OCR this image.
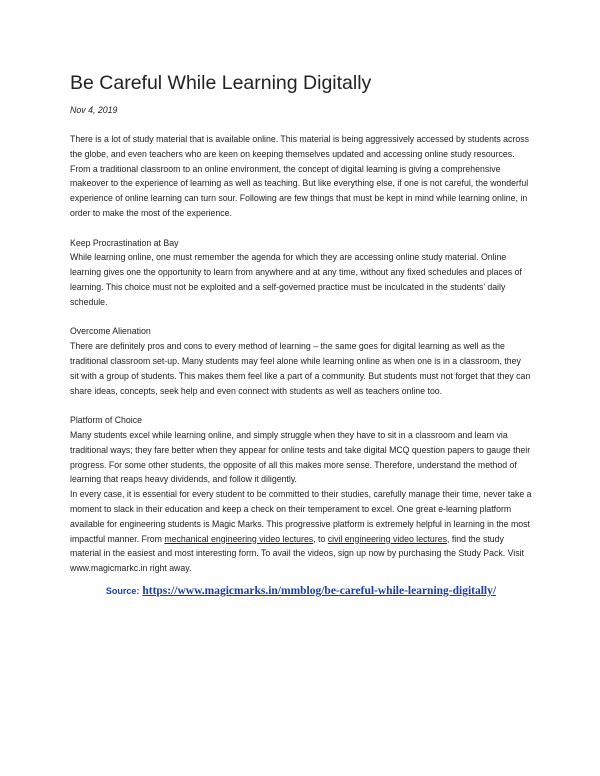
Be Careful While Learning Digitally
Nov 4, 2019

There is a lot of study material that is available online. This material is being aggressively accessed by students across the globe, and even teachers who are keen on keeping themselves updated and accessing online study resources. From a traditional classroom to an online environment, the concept of digital learning is giving a comprehensive makeover to the experience of learning as well as teaching. But like everything else, if one is not careful, the wonderful experience of online learning can turn sour. Following are few things that must be kept in mind while learning online, in order to make the most of the experience.

Keep Procrastination at Bay

While learning online, one must remember the agenda for which they are accessing online study material. Online learning gives one the opportunity to learn from anywhere and at any time, without any fixed schedules and places of learning. This choice must not be exploited and a self-governed practice must be inculcated in the students’ daily schedule.

Overcome Alienation

There are definitely pros and cons to every method of learning – the same goes for digital learning as well as the traditional classroom set-up. Many students may feel alone while learning online as when one is in a classroom, they sit with a group of students. This makes them feel like a part of a community. But students must not forget that they can share ideas, concepts, seek help and even connect with students as well as teachers online too.

Platform of Choice

Many students excel while learning online, and simply struggle when they have to sit in a classroom and learn via traditional ways; they fare better when they appear for online tests and take digital MCQ question papers to gauge their progress. For some other students, the opposite of all this makes more sense. Therefore, understand the method of learning that reaps heavy dividends, and follow it diligently.

In every case, it is essential for every student to be committed to their studies, carefully manage their time, never take a moment to slack in their education and keep a check on their temperament to excel. One great e-learning platform available for engineering students is Magic Marks. This progressive platform is extremely helpful in learning in the most impactful manner. From mechanical engineering video lectures, to civil engineering video lectures, find the study material in the easiest and most interesting form. To avail the videos, sign up now by purchasing the Study Pack. Visit www.magicmarkc.in right away.

Source: https://www.magicmarks.in/mmblog/be-careful-while-learning-digitally/
